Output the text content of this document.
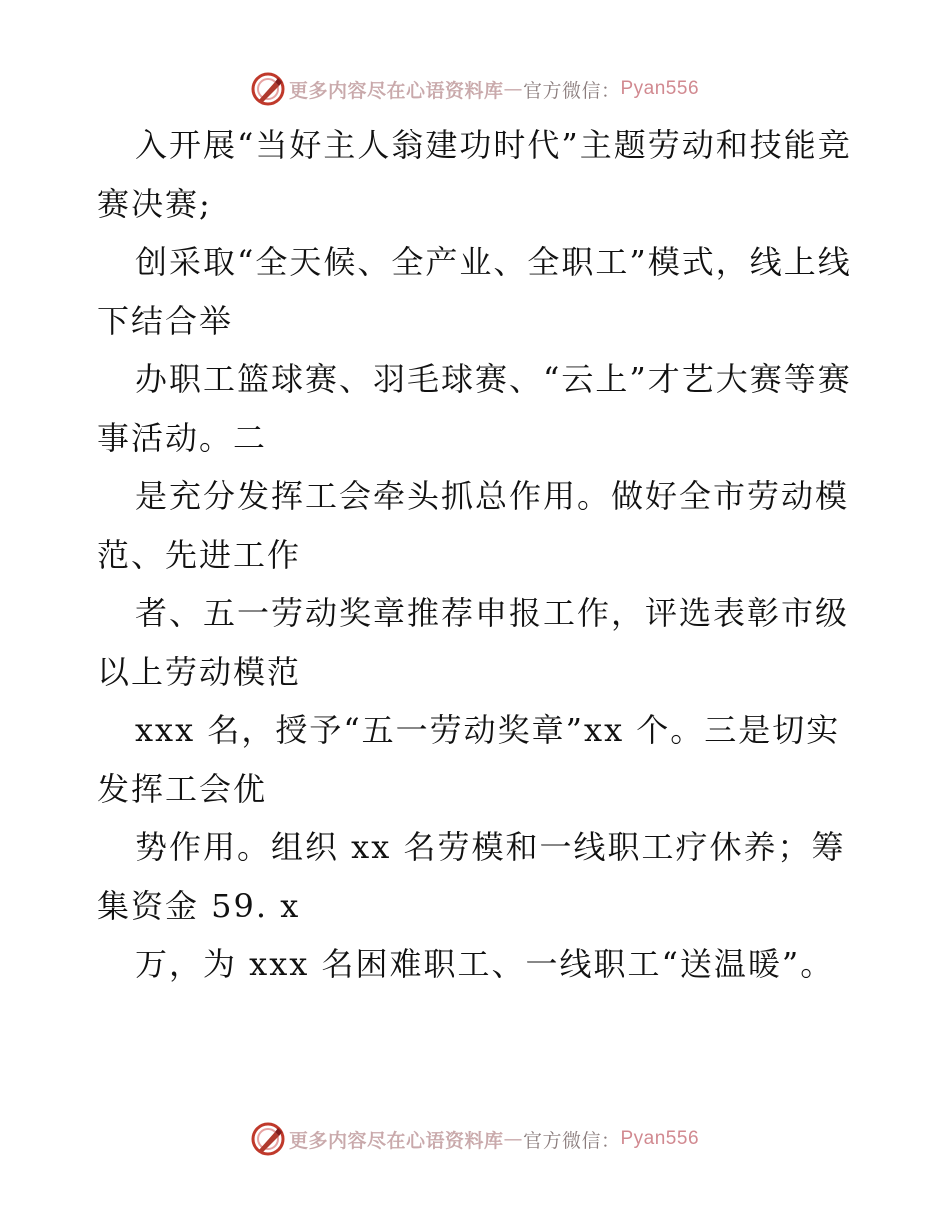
更多内容尽在心语资料库 — 官方微信： Pyan556

入开展“当好主人翁建功时代”主题劳动和技能竞赛决赛;

创采取“全天候、全产业、全职工”模式，线上线下结合举

办职工篮球赛、羽毛球赛、“云上”才艺大赛等赛事活动。二

是充分发挥工会牵头抓总作用。做好全市劳动模范、先进工作

者、五一劳动奖章推荐申报工作，评选表彰市级以上劳动模范

xxx 名，授予“五一劳动奖章”xx 个。三是切实发挥工会优

势作用。组织 xx 名劳模和一线职工疗休养；筹集资金 59. x

万，为 xxx 名困难职工、一线职工“送温暖”。

更多内容尽在心语资料库 — 官方微信： Pyan556
